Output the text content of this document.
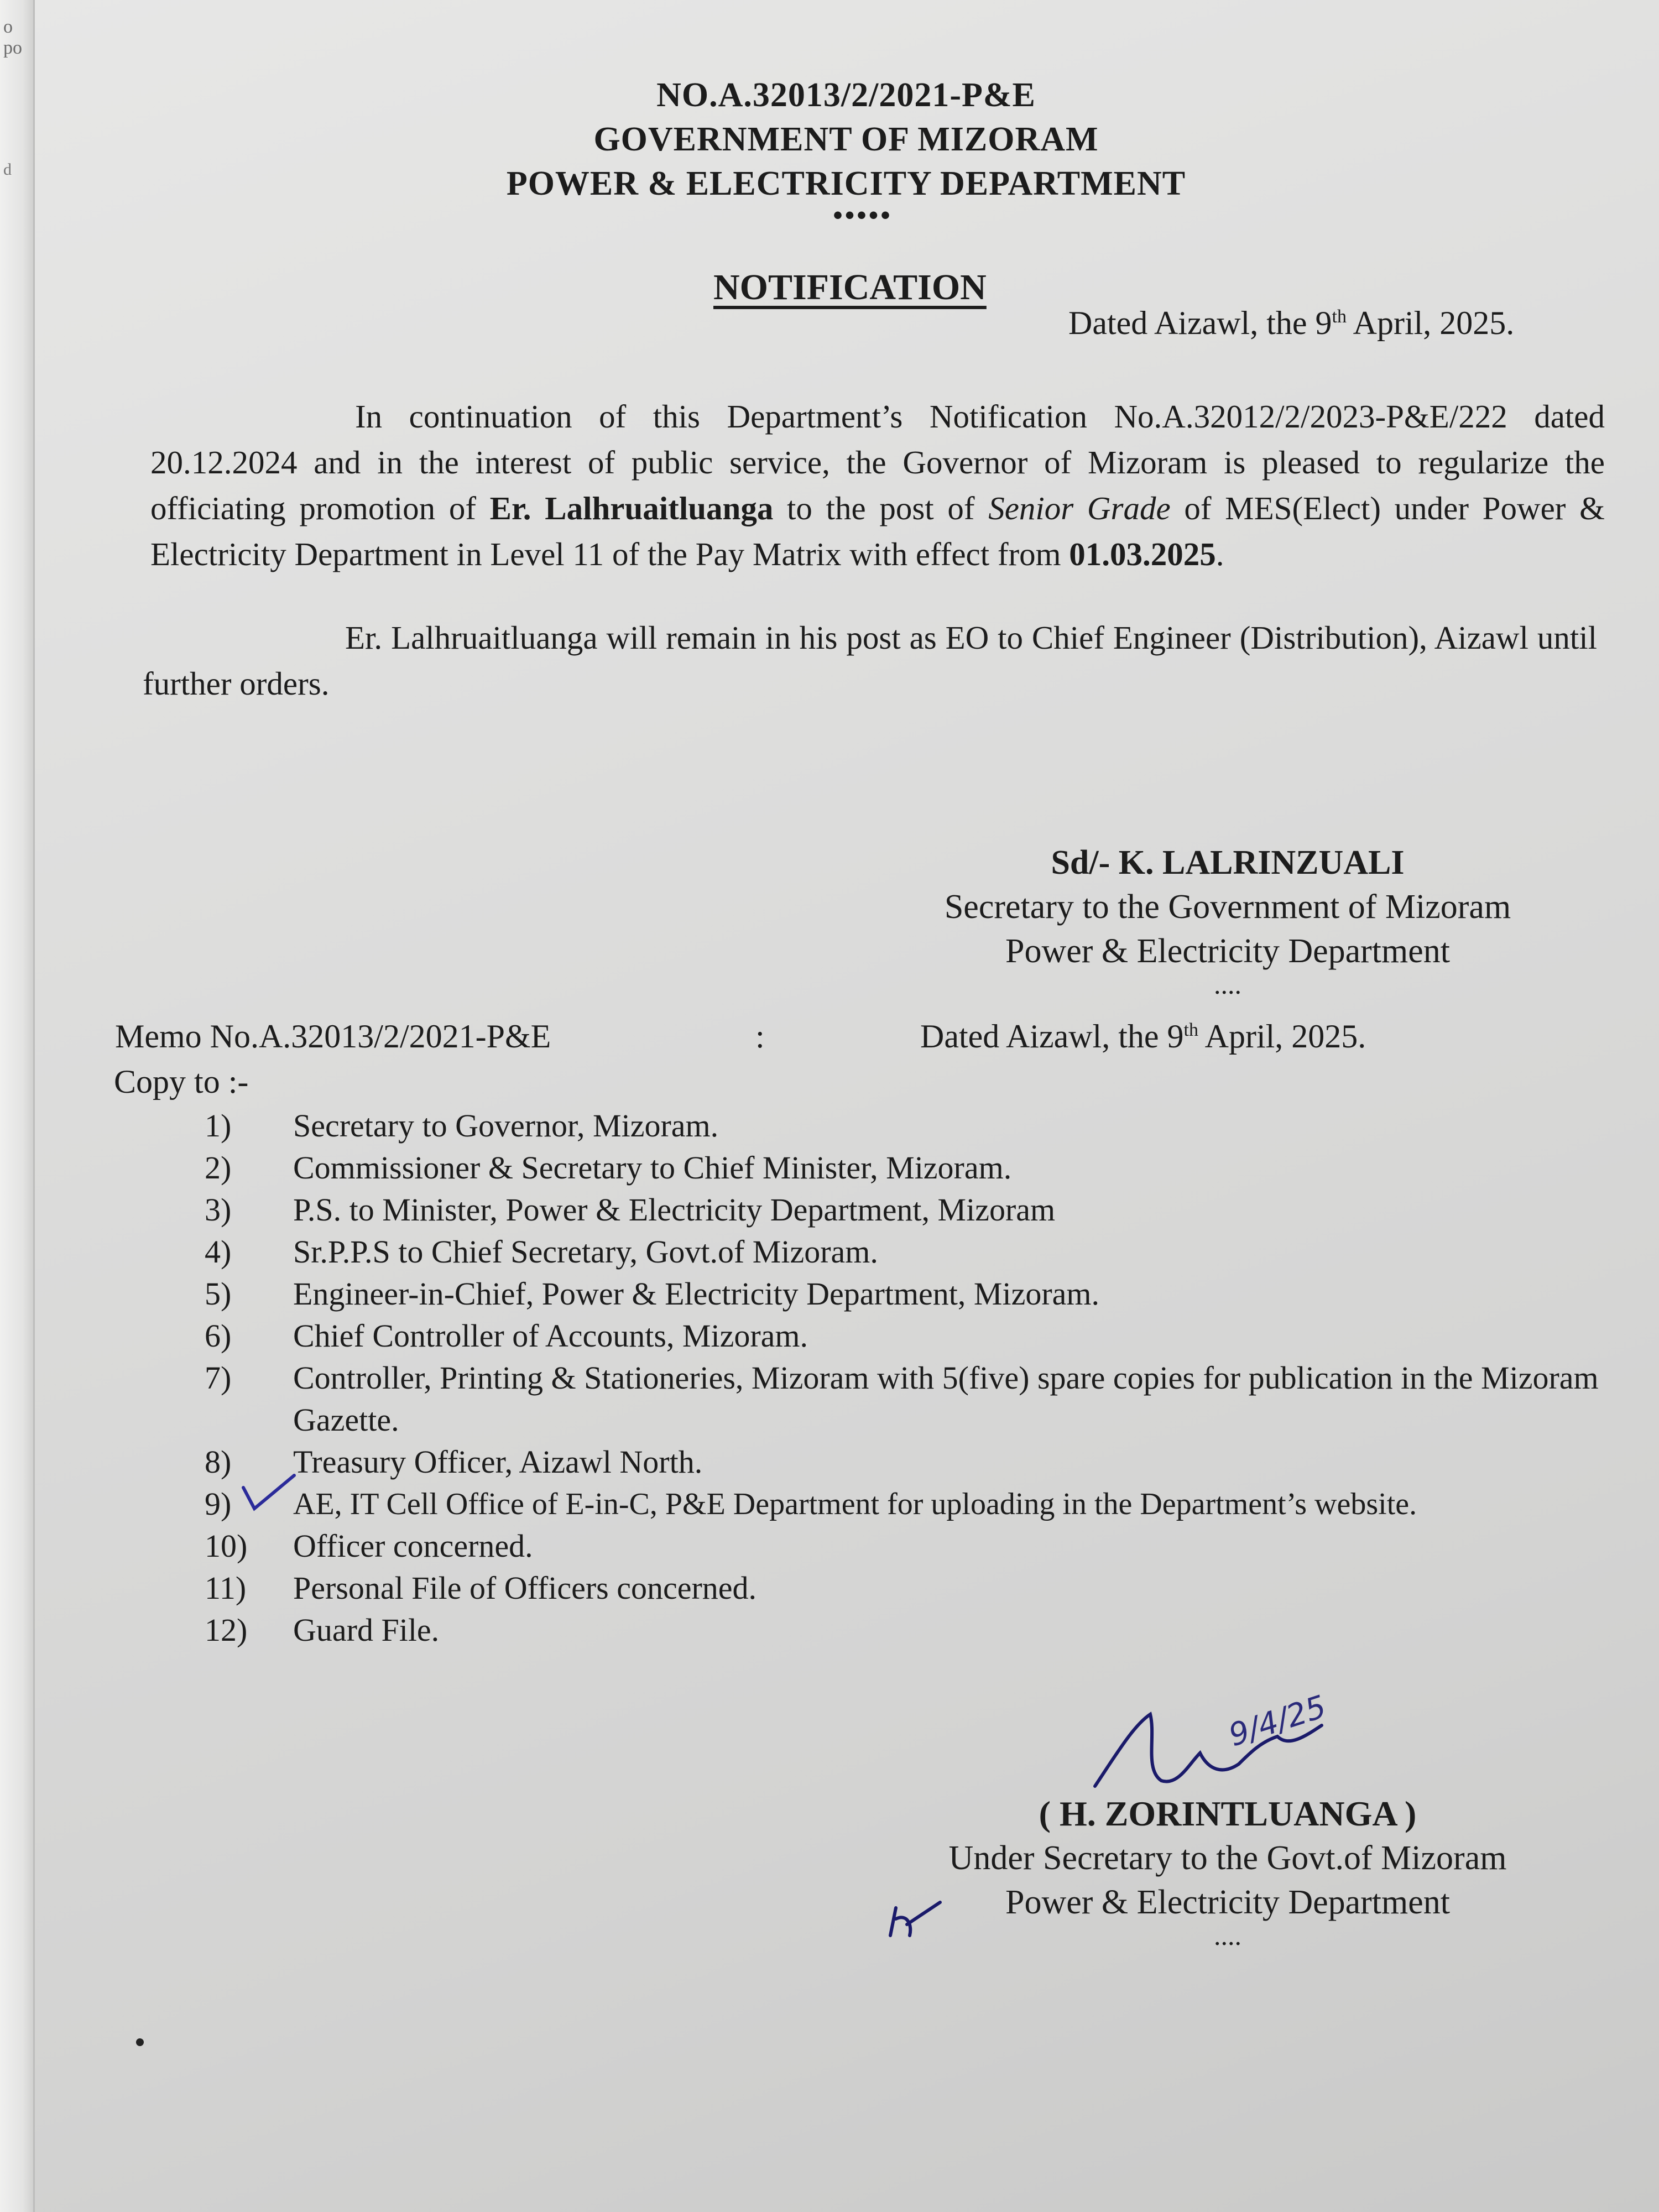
o po
d
NO.A.32013/2/2021-P&E
GOVERNMENT OF MIZORAM
POWER & ELECTRICITY DEPARTMENT
•••••
NOTIFICATION
Dated Aizawl, the 9th April, 2025.
In continuation of this Department’s Notification No.A.32012/2/2023-P&E/222 dated 20.12.2024 and in the interest of public service, the Governor of Mizoram is pleased to regularize the officiating promotion of Er. Lalhruaitluanga to the post of Senior Grade of MES(Elect) under Power & Electricity Department in Level 11 of the Pay Matrix with effect from 01.03.2025.
Er. Lalhruaitluanga will remain in his post as EO to Chief Engineer (Distribution), Aizawl until further orders.
Sd/- K. LALRINZUALI
Secretary to the Government of Mizoram
Power & Electricity Department
....
Memo No.A.32013/2/2021-P&E	:	Dated Aizawl, the 9th April, 2025.
Copy to :-
1)	Secretary to Governor, Mizoram.
2)	Commissioner & Secretary to Chief Minister, Mizoram.
3)	P.S. to Minister, Power & Electricity Department, Mizoram
4)	Sr.P.P.S to Chief Secretary, Govt.of Mizoram.
5)	Engineer-in-Chief, Power & Electricity Department, Mizoram.
6)	Chief Controller of Accounts, Mizoram.
7)	Controller, Printing & Stationeries, Mizoram with 5(five) spare copies for publication in the Mizoram Gazette.
8)	Treasury Officer, Aizawl North.
9)	AE, IT Cell Office of E-in-C, P&E Department for uploading in the Department’s website.
10)	Officer concerned.
11)	Personal File of Officers concerned.
12)	Guard File.
9/4/25
( H. ZORINTLUANGA )
Under Secretary to the Govt.of Mizoram
Power & Electricity Department
....
